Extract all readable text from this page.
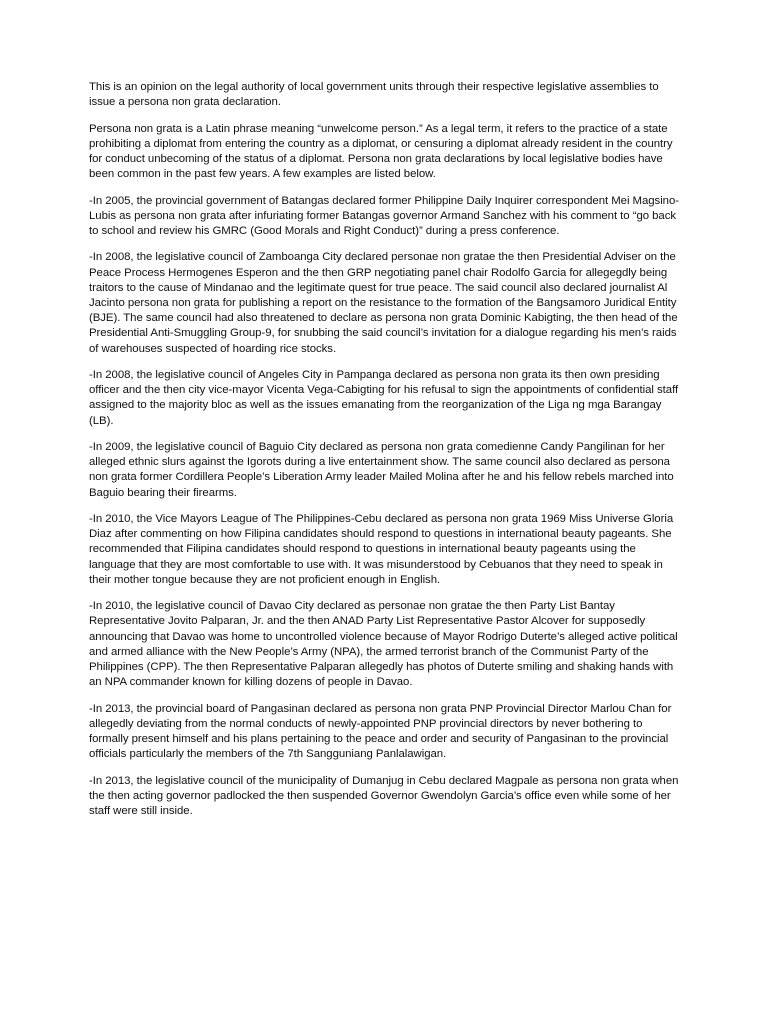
This is an opinion on the legal authority of local government units through their respective legislative assemblies to issue a persona non grata declaration.

Persona non grata is a Latin phrase meaning “unwelcome person.” As a legal term, it refers to the practice of a state prohibiting a diplomat from entering the country as a diplomat, or censuring a diplomat already resident in the country for conduct unbecoming of the status of a diplomat. Persona non grata declarations by local legislative bodies have been common in the past few years. A few examples are listed below.

-In 2005, the provincial government of Batangas declared former Philippine Daily Inquirer correspondent Mei Magsino-Lubis as persona non grata after infuriating former Batangas governor Armand Sanchez with his comment to “go back to school and review his GMRC (Good Morals and Right Conduct)” during a press conference.

-In 2008, the legislative council of Zamboanga City declared personae non gratae the then Presidential Adviser on the Peace Process Hermogenes Esperon and the then GRP negotiating panel chair Rodolfo Garcia for allegegdly being traitors to the cause of Mindanao and the legitimate quest for true peace. The said council also declared journalist Al Jacinto persona non grata for publishing a report on the resistance to the formation of the Bangsamoro Juridical Entity (BJE). The same council had also threatened to declare as persona non grata Dominic Kabigting, the then head of the Presidential Anti-Smuggling Group-9, for snubbing the said council’s invitation for a dialogue regarding his men’s raids of warehouses suspected of hoarding rice stocks.

-In 2008, the legislative council of Angeles City in Pampanga declared as persona non grata its then own presiding officer and the then city vice-mayor Vicenta Vega-Cabigting for his refusal to sign the appointments of confidential staff assigned to the majority bloc as well as the issues emanating from the reorganization of the Liga ng mga Barangay (LB).

-In 2009, the legislative council of Baguio City declared as persona non grata comedienne Candy Pangilinan for her alleged ethnic slurs against the Igorots during a live entertainment show. The same council also declared as persona non grata former Cordillera People’s Liberation Army leader Mailed Molina after he and his fellow rebels marched into Baguio bearing their firearms.

-In 2010, the Vice Mayors League of The Philippines-Cebu declared as persona non grata 1969 Miss Universe Gloria Diaz after commenting on how Filipina candidates should respond to questions in international beauty pageants. She recommended that Filipina candidates should respond to questions in international beauty pageants using the language that they are most comfortable to use with. It was misunderstood by Cebuanos that they need to speak in their mother tongue because they are not proficient enough in English.

-In 2010, the legislative council of Davao City declared as personae non gratae the then Party List Bantay Representative Jovito Palparan, Jr. and the then ANAD Party List Representative Pastor Alcover for supposedly announcing that Davao was home to uncontrolled violence because of Mayor Rodrigo Duterte’s alleged active political and armed alliance with the New People’s Army (NPA), the armed terrorist branch of the Communist Party of the Philippines (CPP). The then Representative Palparan allegedly has photos of Duterte smiling and shaking hands with an NPA commander known for killing dozens of people in Davao.

-In 2013, the provincial board of Pangasinan declared as persona non grata PNP Provincial Director Marlou Chan for allegedly deviating from the normal conducts of newly-appointed PNP provincial directors by never bothering to formally present himself and his plans pertaining to the peace and order and security of Pangasinan to the provincial officials particularly the members of the 7th Sangguniang Panlalawigan.

-In 2013, the legislative council of the municipality of Dumanjug in Cebu declared Magpale as persona non grata when the then acting governor padlocked the then suspended Governor Gwendolyn Garcia’s office even while some of her staff were still inside.
